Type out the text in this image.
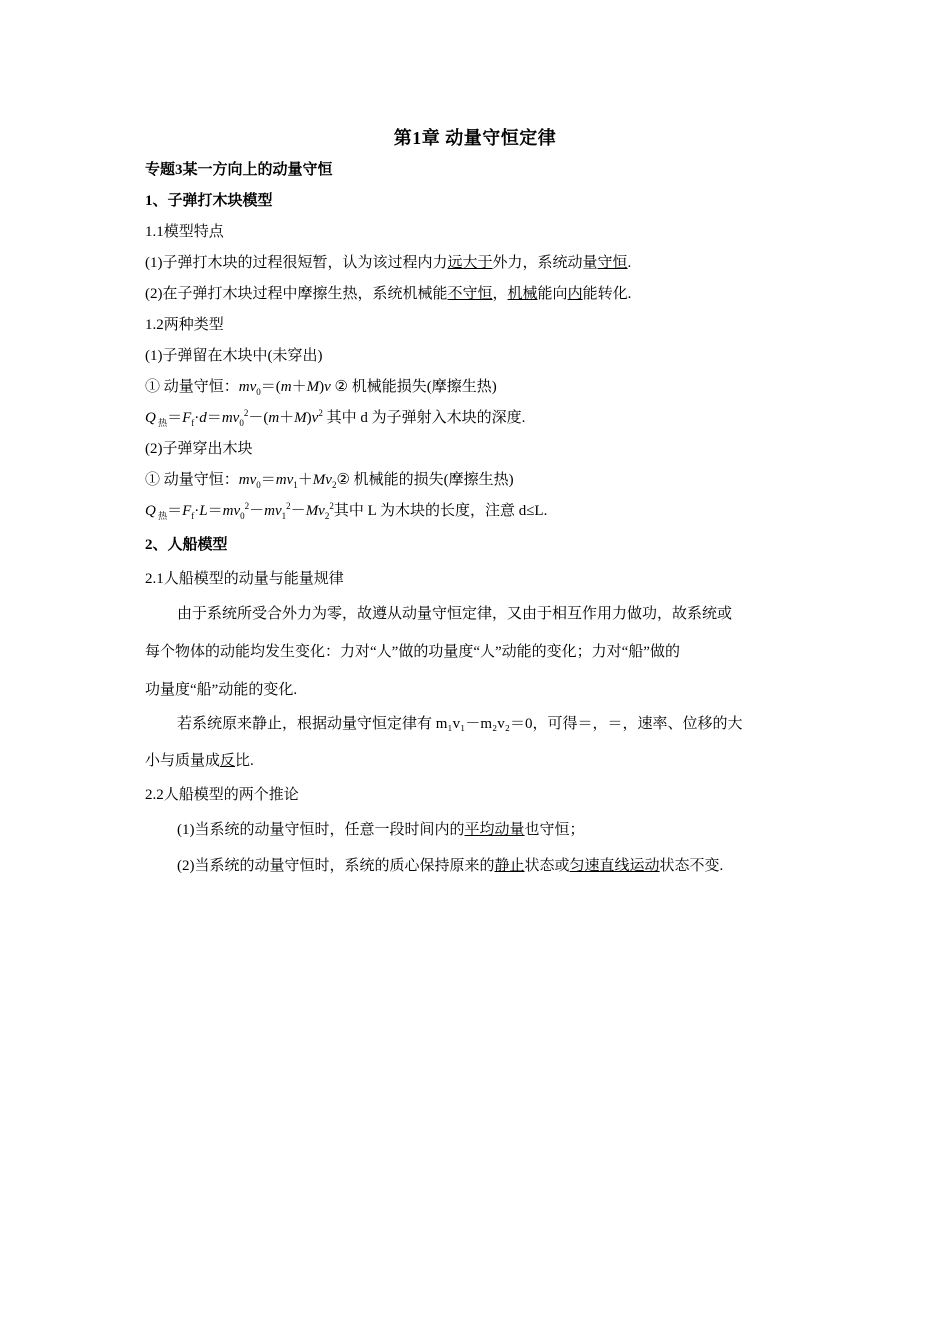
第1章 动量守恒定律
专题3某一方向上的动量守恒
1、子弹打木块模型
1.1模型特点
(1)子弹打木块的过程很短暂，认为该过程内力远大于外力，系统动量守恒.
(2)在子弹打木块过程中摩擦生热，系统机械能不守恒，机械能向内能转化.
1.2两种类型
(1)子弹留在木块中(未穿出)
① 动量守恒：$mv_0=(m+M)v$ ② 机械能损失(摩擦生热)
Q $_热=F_f\cdot d=mv_0^2-(m+M)v^2$ 其中 d 为子弹射入木块的深度.
(2)子弹穿出木块
① 动量守恒：$mv_0=mv_1+Mv_2②$ 机械能的损失(摩擦生热)
Q $_热=F_f\cdot L=mv_0^2-mv_1^2-Mv_2^2$其中 L 为木块的长度，注意 d≤L.
2、人船模型
2.1人船模型的动量与能量规律
由于系统所受合外力为零，故遵从动量守恒定律，又由于相互作用力做功，故系统或
每个物体的动能均发生变化：力对“人”做的功量度“人”动能的变化；力对“船”做的
功量度“船”动能的变化.
若系统原来静止，根据动量守恒定律有 m₁v₁－m₂v₂＝0，可得＝，＝，速率、位移的大
小与质量成反比.
2.2人船模型的两个推论
(1)当系统的动量守恒时，任意一段时间内的平均动量也守恒；
(2)当系统的动量守恒时，系统的质心保持原来的静止状态或匀速直线运动状态不变.
